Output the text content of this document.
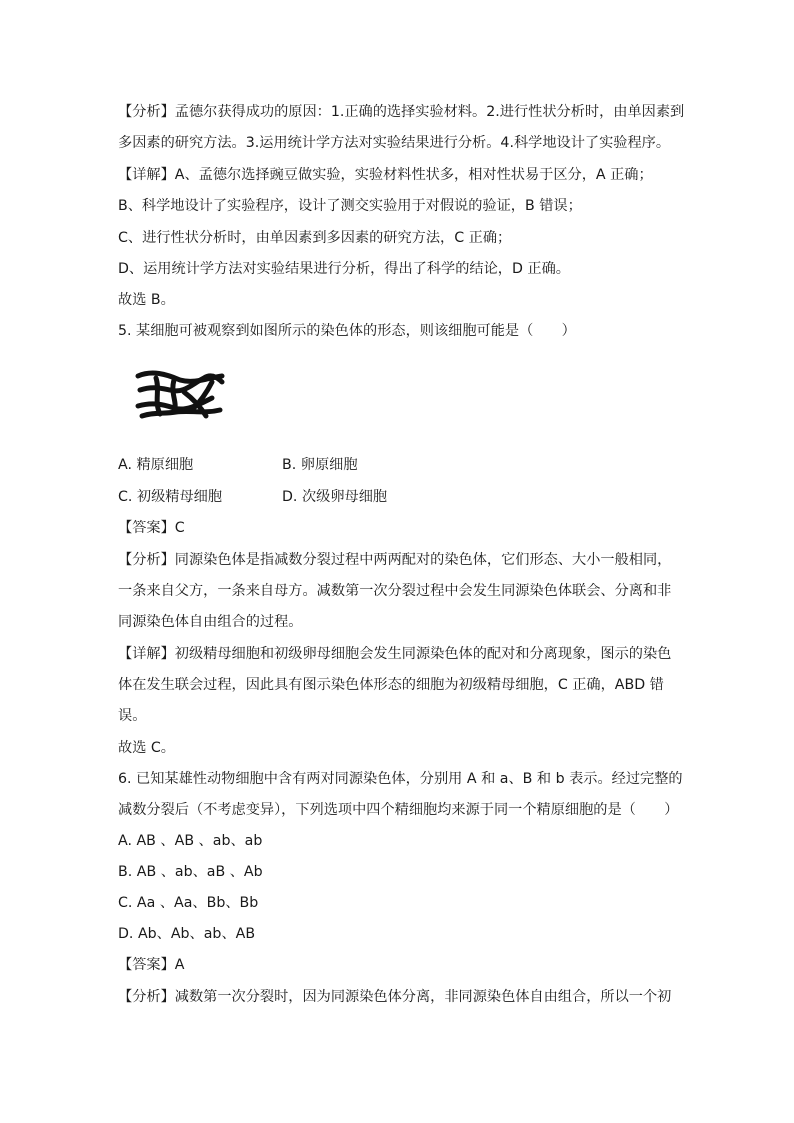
【分析】孟德尔获得成功的原因：1.正确的选择实验材料。2.进行性状分析时，由单因素到
多因素的研究方法。3.运用统计学方法对实验结果进行分析。4.科学地设计了实验程序。
【详解】A、孟德尔选择豌豆做实验，实验材料性状多，相对性状易于区分，A 正确；
B、科学地设计了实验程序，设计了测交实验用于对假说的验证，B 错误；
C、进行性状分析时，由单因素到多因素的研究方法，C 正确；
D、运用统计学方法对实验结果进行分析，得出了科学的结论，D 正确。
故选 B。
5. 某细胞可被观察到如图所示的染色体的形态，则该细胞可能是（　　）
A. 精原细胞	B. 卵原细胞
C. 初级精母细胞	D. 次级卵母细胞
【答案】C
【分析】同源染色体是指减数分裂过程中两两配对的染色体，它们形态、大小一般相同，
一条来自父方，一条来自母方。减数第一次分裂过程中会发生同源染色体联会、分离和非
同源染色体自由组合的过程。
【详解】初级精母细胞和初级卵母细胞会发生同源染色体的配对和分离现象，图示的染色
体在发生联会过程，因此具有图示染色体形态的细胞为初级精母细胞，C 正确，ABD 错
误。
故选 C。
6. 已知某雄性动物细胞中含有两对同源染色体，分别用 A 和 a、B 和 b 表示。经过完整的
减数分裂后（不考虑变异），下列选项中四个精细胞均来源于同一个精原细胞的是（　　）
A. AB 、AB 、ab、ab
B. AB 、ab、aB 、Ab
C. Aa 、Aa、Bb、Bb
D. Ab、Ab、ab、AB
【答案】A
【分析】减数第一次分裂时，因为同源染色体分离，非同源染色体自由组合，所以一个初
